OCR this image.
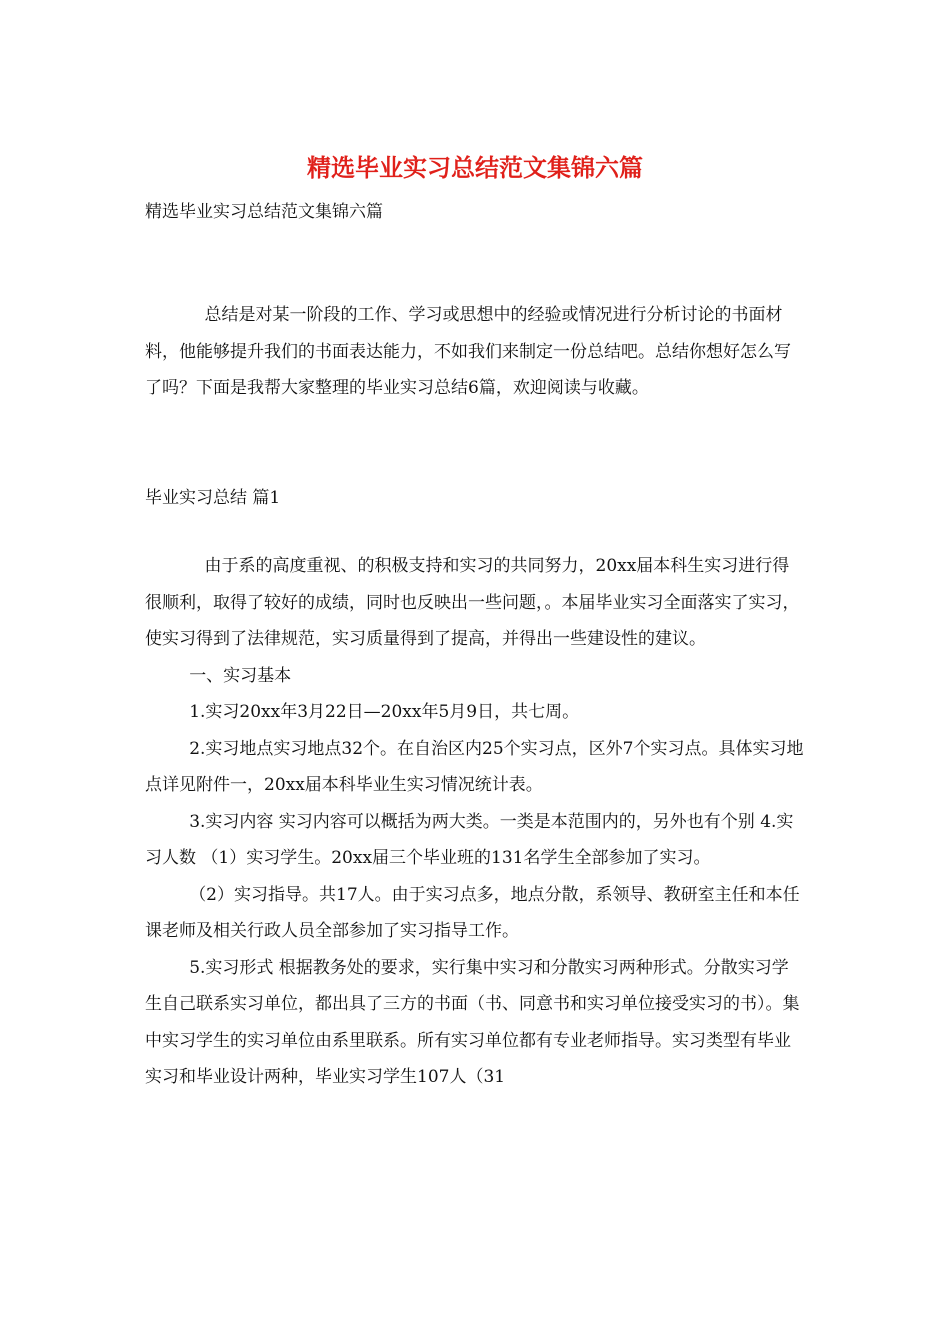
精选毕业实习总结范文集锦六篇
精选毕业实习总结范文集锦六篇

总结是对某一阶段的工作、学习或思想中的经验或情况进行分析讨论的书面材料，他能够提升我们的书面表达能力，不如我们来制定一份总结吧。总结你想好怎么写了吗？下面是我帮大家整理的毕业实习总结6篇，欢迎阅读与收藏。

毕业实习总结 篇1

由于系的高度重视、的积极支持和实习的共同努力，20xx届本科生实习进行得很顺利，取得了较好的成绩，同时也反映出一些问题，。本届毕业实习全面落实了实习，使实习得到了法律规范，实习质量得到了提高，并得出一些建设性的建议。

一、实习基本

1.实习20xx年3月22日—20xx年5月9日，共七周。

2.实习地点实习地点32个。在自治区内25个实习点，区外7个实习点。具体实习地点详见附件一，20xx届本科毕业生实习情况统计表。

3.实习内容 实习内容可以概括为两大类。一类是本范围内的，另外也有个别 4.实习人数 （1）实习学生。20xx届三个毕业班的131名学生全部参加了实习。

（2）实习指导。共17人。由于实习点多，地点分散，系领导、教研室主任和本任课老师及相关行政人员全部参加了实习指导工作。

5.实习形式 根据教务处的要求，实行集中实习和分散实习两种形式。分散实习学生自己联系实习单位，都出具了三方的书面（书、同意书和实习单位接受实习的书）。集中实习学生的实习单位由系里联系。所有实习单位都有专业老师指导。实习类型有毕业实习和毕业设计两种，毕业实习学生107人（31
